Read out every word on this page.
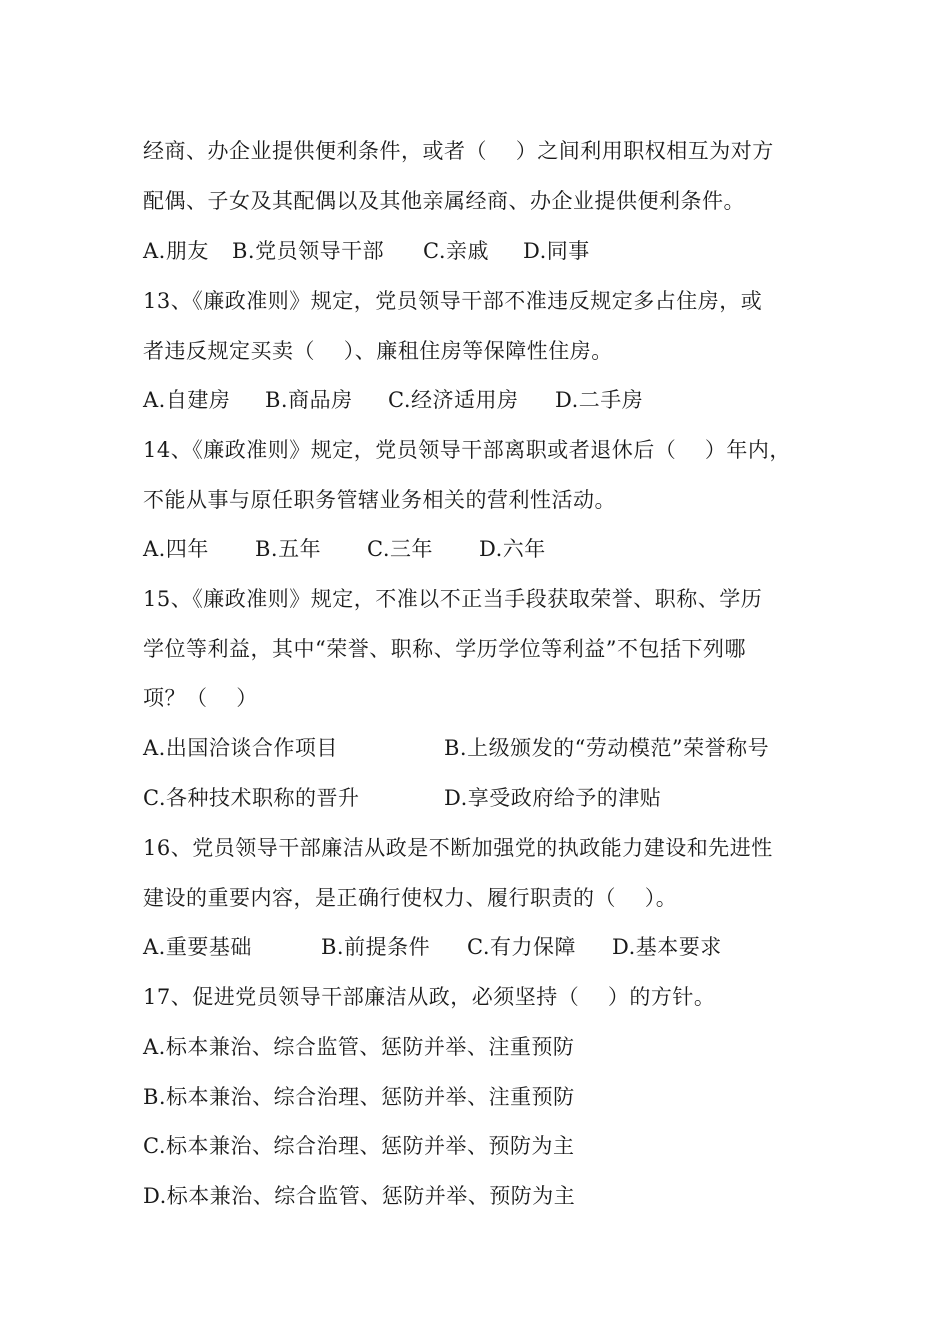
经商、办企业提供便利条件，或者（    ）之间利用职权相互为对方
配偶、子女及其配偶以及其他亲属经商、办企业提供便利条件。

A.朋友

B.党员领导干部

C.亲戚

D.同事

13、《廉政准则》规定，党员领导干部不准违反规定多占住房，或
者违反规定买卖（    ）、廉租住房等保障性住房。

A.自建房

B.商品房

C.经济适用房

D.二手房

14、《廉政准则》规定，党员领导干部离职或者退休后（    ）年内，
不能从事与原任职务管辖业务相关的营利性活动。

A.四年

B.五年

C.三年

D.六年

15、《廉政准则》规定，不准以不正当手段获取荣誉、职称、学历
学位等利益，其中“荣誉、职称、学历学位等利益”不包括下列哪
项？（    ）

A.出国洽谈合作项目

	B.上级颁发的“劳动模范”荣誉称号

C.各种技术职称的晋升

	D.享受政府给予的津贴

16、党员领导干部廉洁从政是不断加强党的执政能力建设和先进性
建设的重要内容，是正确行使权力、履行职责的（    ）。

A.重要基础

	B.前提条件

C.有力保障

D.基本要求

17、促进党员领导干部廉洁从政，必须坚持（    ）的方针。
A.标本兼治、综合监管、惩防并举、注重预防
B.标本兼治、综合治理、惩防并举、注重预防
C.标本兼治、综合治理、惩防并举、预防为主
D.标本兼治、综合监管、惩防并举、预防为主
